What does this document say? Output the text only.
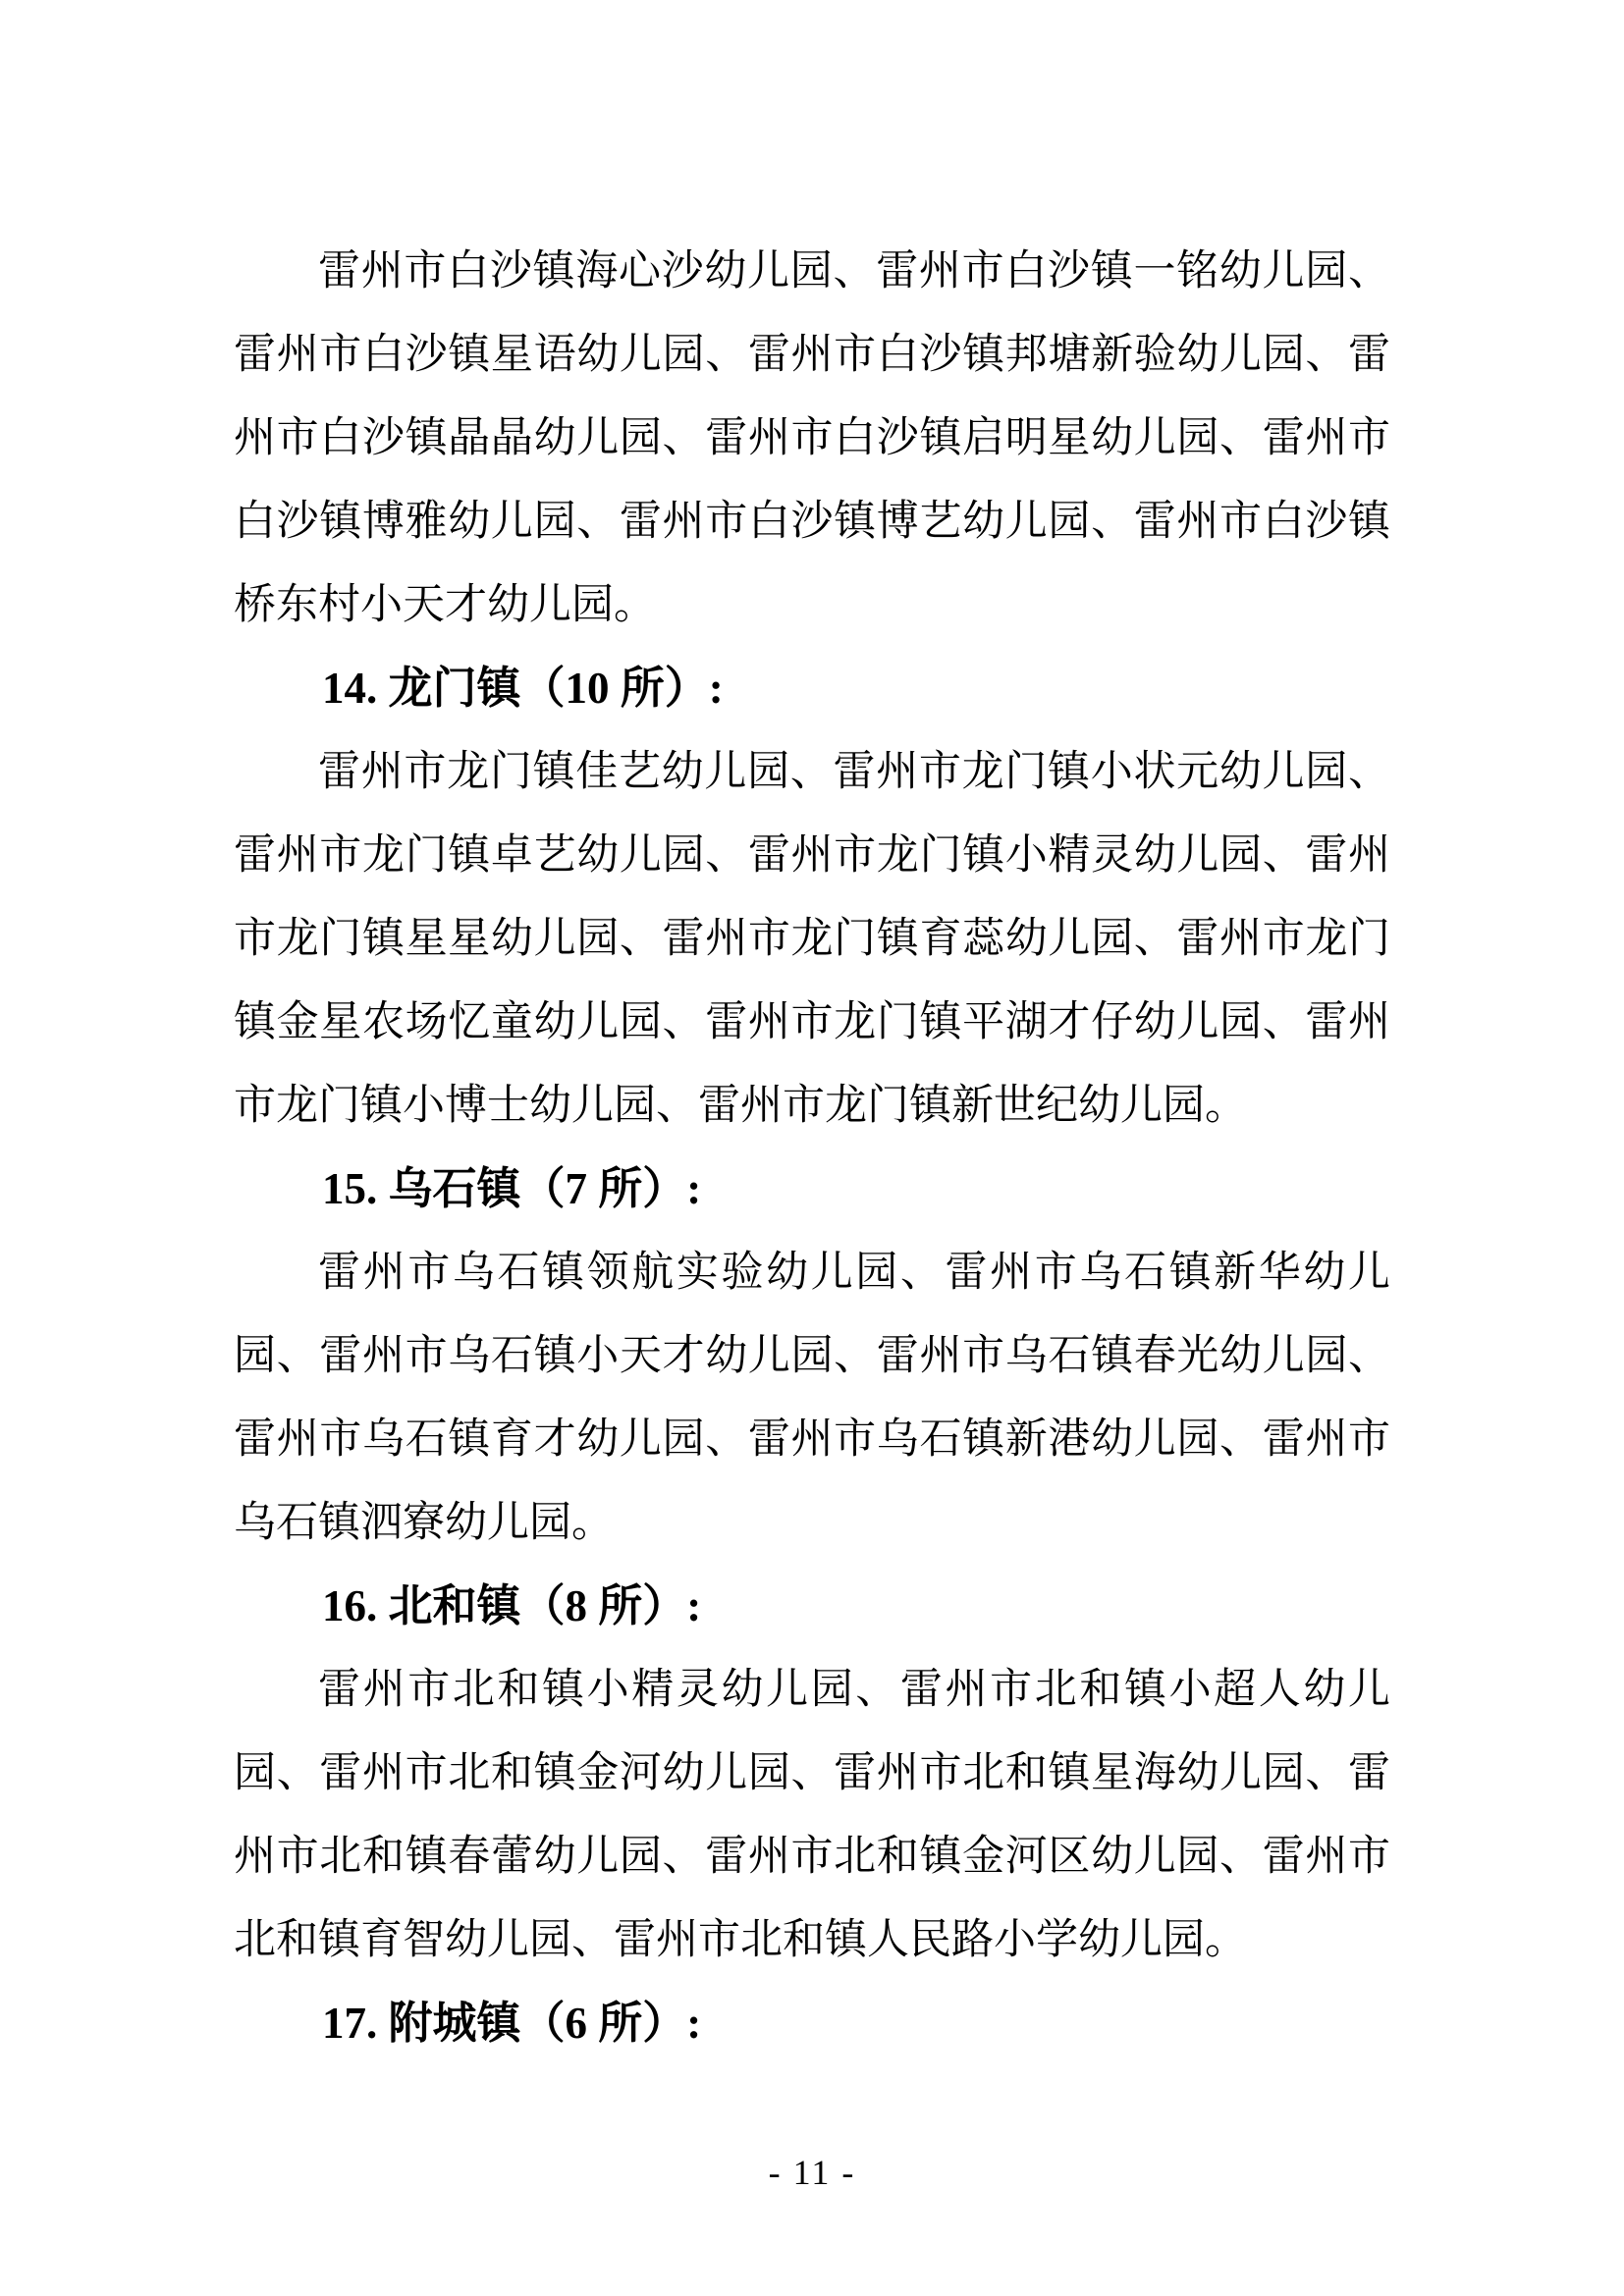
雷州市白沙镇海心沙幼儿园、雷州市白沙镇一铭幼儿园、
雷州市白沙镇星语幼儿园、雷州市白沙镇邦塘新验幼儿园、雷
州市白沙镇晶晶幼儿园、雷州市白沙镇启明星幼儿园、雷州市
白沙镇博雅幼儿园、雷州市白沙镇博艺幼儿园、雷州市白沙镇
桥东村小天才幼儿园。
14. 龙门镇（10 所）:
雷州市龙门镇佳艺幼儿园、雷州市龙门镇小状元幼儿园、
雷州市龙门镇卓艺幼儿园、雷州市龙门镇小精灵幼儿园、雷州
市龙门镇星星幼儿园、雷州市龙门镇育蕊幼儿园、雷州市龙门
镇金星农场忆童幼儿园、雷州市龙门镇平湖才仔幼儿园、雷州
市龙门镇小博士幼儿园、雷州市龙门镇新世纪幼儿园。
15. 乌石镇（7 所）:
雷州市乌石镇领航实验幼儿园、雷州市乌石镇新华幼儿
园、雷州市乌石镇小天才幼儿园、雷州市乌石镇春光幼儿园、
雷州市乌石镇育才幼儿园、雷州市乌石镇新港幼儿园、雷州市
乌石镇泗寮幼儿园。
16. 北和镇（8 所）:
雷州市北和镇小精灵幼儿园、雷州市北和镇小超人幼儿
园、雷州市北和镇金河幼儿园、雷州市北和镇星海幼儿园、雷
州市北和镇春蕾幼儿园、雷州市北和镇金河区幼儿园、雷州市
北和镇育智幼儿园、雷州市北和镇人民路小学幼儿园。
17. 附城镇（6 所）:
- 11 -
